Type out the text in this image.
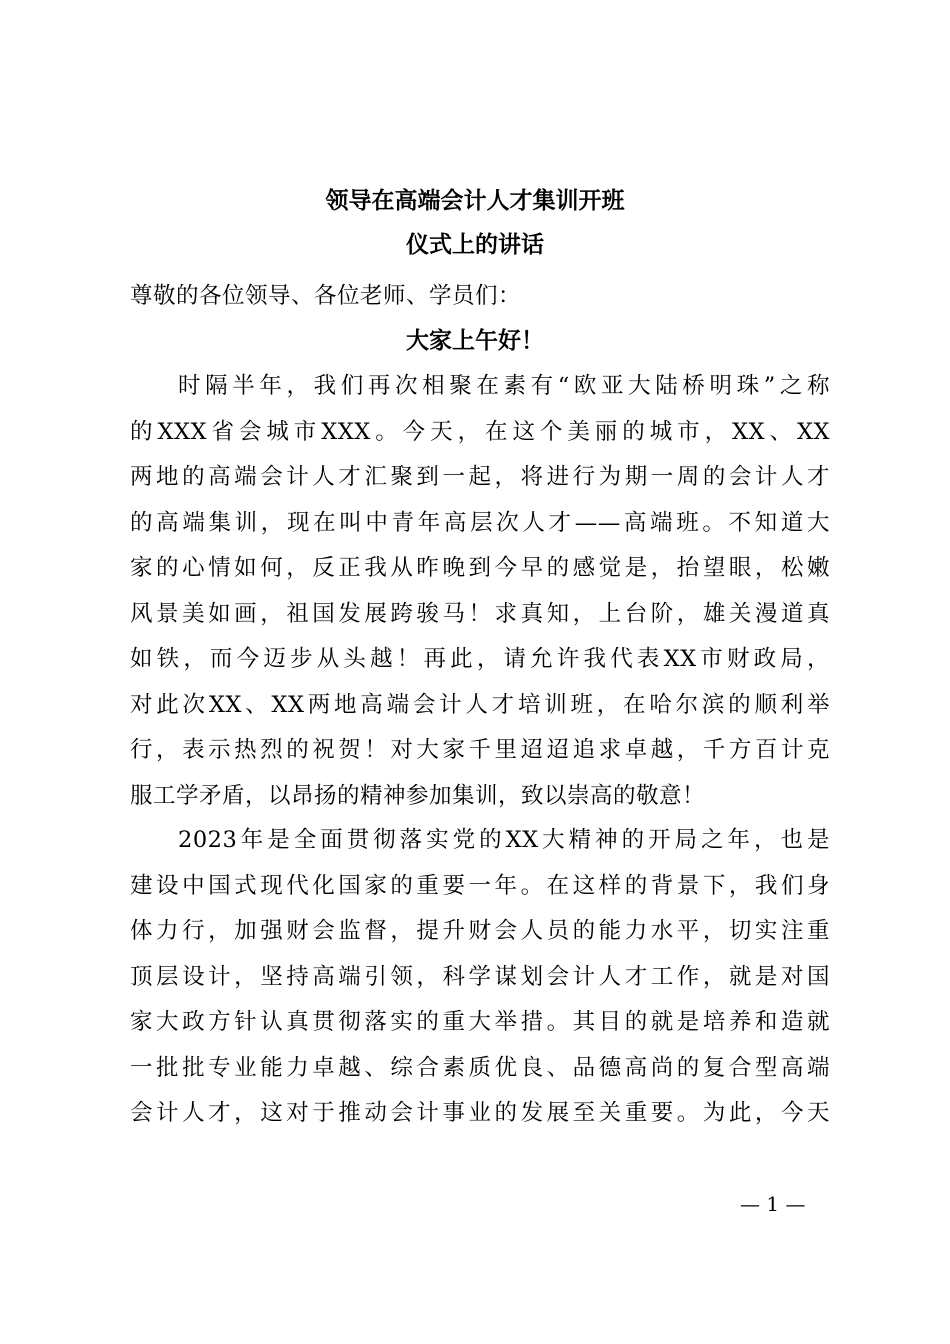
领导在高端会计人才集训开班
仪式上的讲话
尊敬的各位领导、各位老师、学员们：
大家上午好！
时隔半年，我们再次相聚在素有“欧亚大陆桥明珠”之称
的XXX省会城市XXX。今天，在这个美丽的城市，XX、XX
两地的高端会计人才汇聚到一起，将进行为期一周的会计人才
的高端集训，现在叫中青年高层次人才——高端班。不知道大
家的心情如何，反正我从昨晚到今早的感觉是，抬望眼，松嫩
风景美如画，祖国发展跨骏马！求真知，上台阶，雄关漫道真
如铁，而今迈步从头越！再此，请允许我代表XX市财政局，
对此次XX、XX两地高端会计人才培训班，在哈尔滨的顺利举
行，表示热烈的祝贺！对大家千里迢迢追求卓越，千方百计克
服工学矛盾，以昂扬的精神参加集训，致以崇高的敬意！
2023年是全面贯彻落实党的XX大精神的开局之年，也是
建设中国式现代化国家的重要一年。在这样的背景下，我们身
体力行，加强财会监督，提升财会人员的能力水平，切实注重
顶层设计，坚持高端引领，科学谋划会计人才工作，就是对国
家大政方针认真贯彻落实的重大举措。其目的就是培养和造就
一批批专业能力卓越、综合素质优良、品德高尚的复合型高端
会计人才，这对于推动会计事业的发展至关重要。为此，今天
— 1 —
